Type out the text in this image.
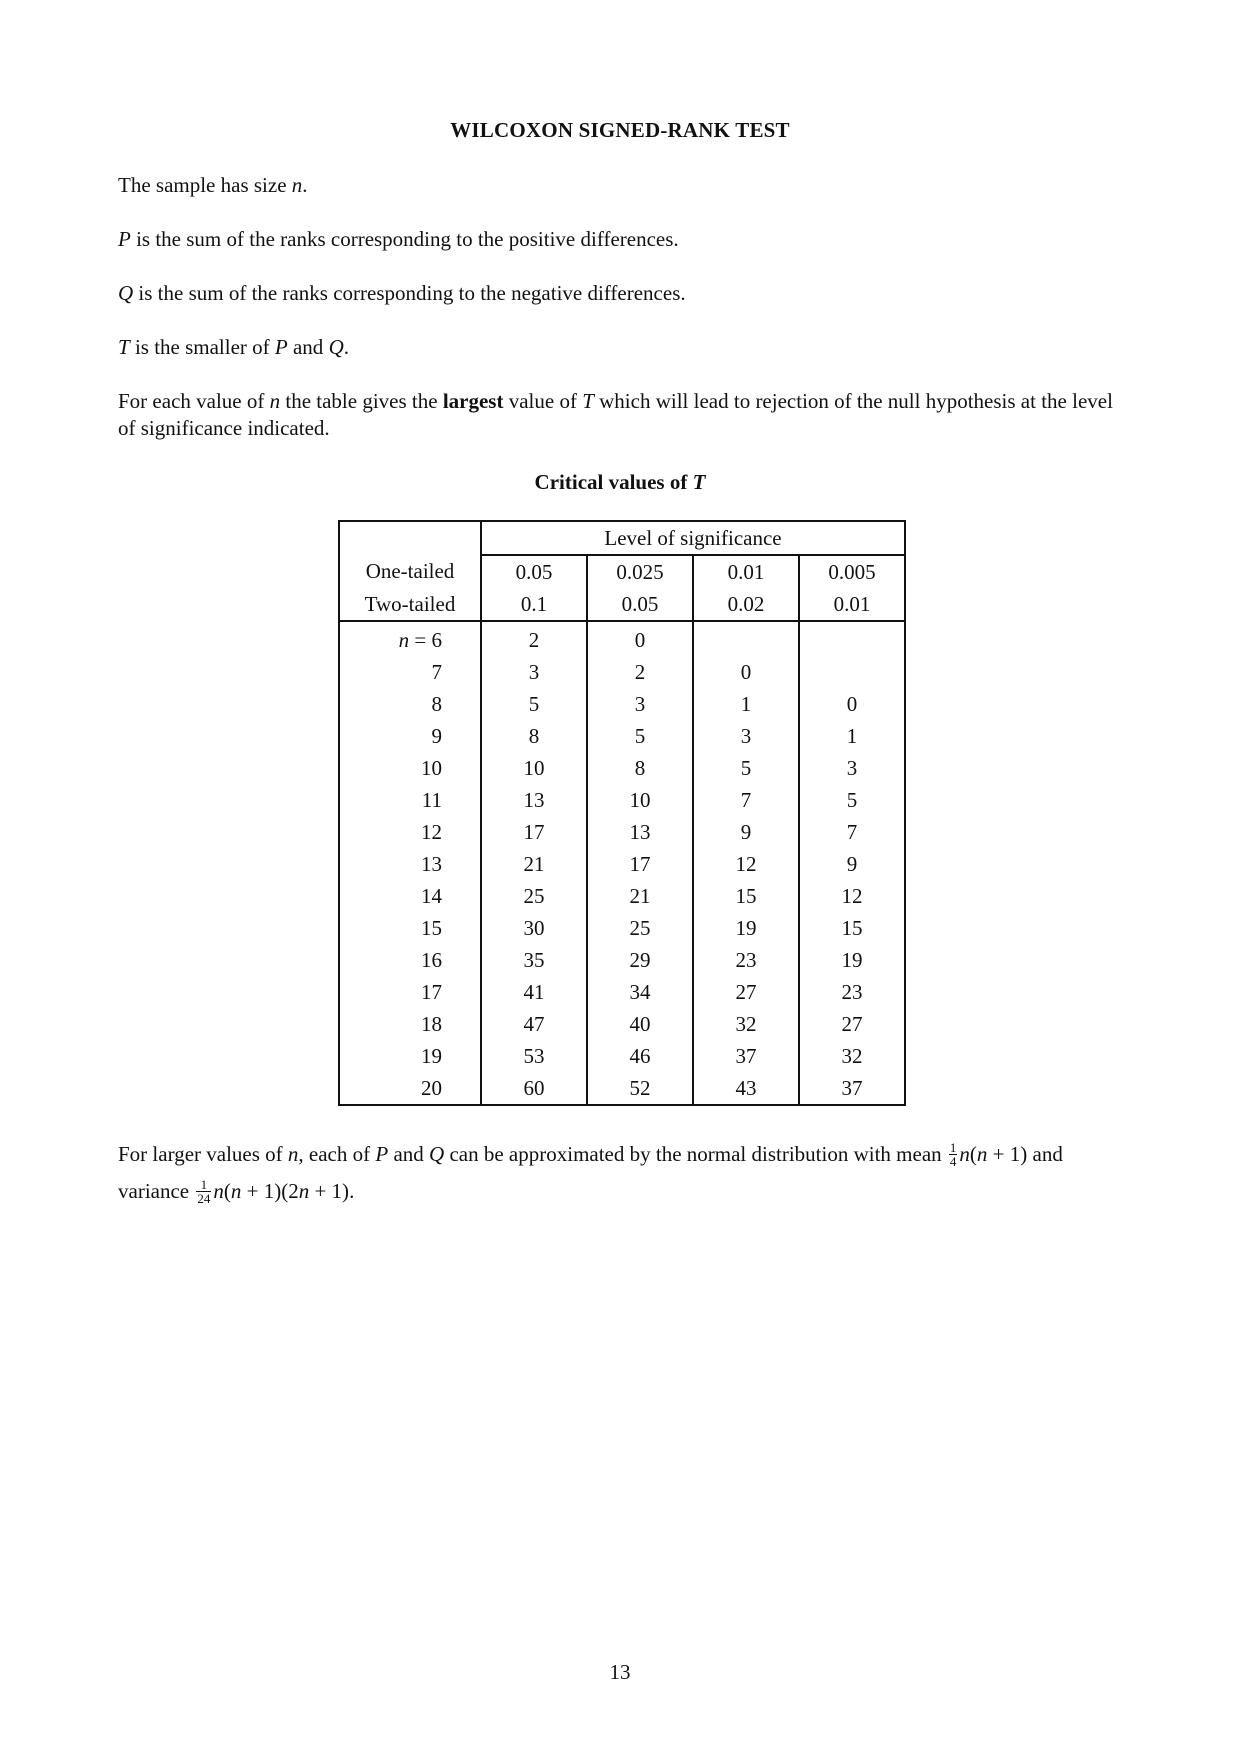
WILCOXON SIGNED-RANK TEST
The sample has size n.
P is the sum of the ranks corresponding to the positive differences.
Q is the sum of the ranks corresponding to the negative differences.
T is the smaller of P and Q.
For each value of n the table gives the largest value of T which will lead to rejection of the null hypothesis at the level of significance indicated.
Critical values of T
	Level of significance			
One-tailed	0.05	0.025	0.01	0.005
Two-tailed	0.1	0.05	0.02	0.01
n = 6	2	0		
7	3	2	0	
8	5	3	1	0
9	8	5	3	1
10	10	8	5	3
11	13	10	7	5
12	17	13	9	7
13	21	17	12	9
14	25	21	15	12
15	30	25	19	15
16	35	29	23	19
17	41	34	27	23
18	47	40	32	27
19	53	46	37	32
20	60	52	43	37
For larger values of n, each of P and Q can be approximated by the normal distribution with mean $\frac{1}{4} n(n + 1)$ and variance $\frac{1}{24} n(n + 1)(2n + 1)$.
13
